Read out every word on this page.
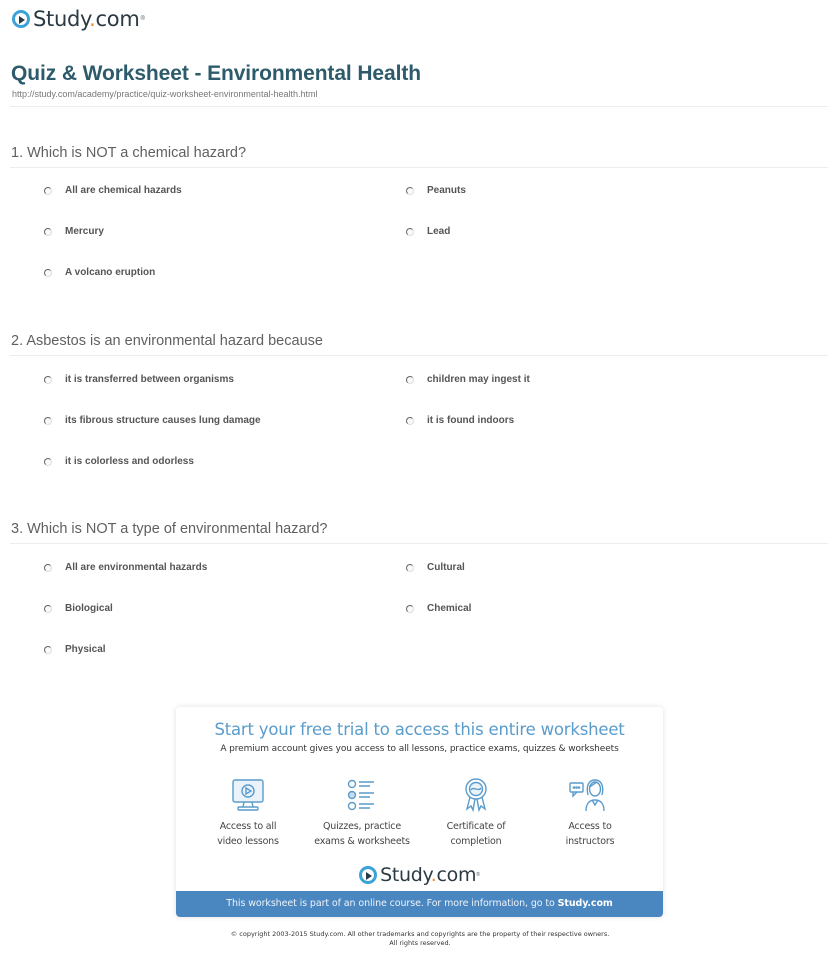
Study.com ®
Quiz & Worksheet - Environmental Health
http://study.com/academy/practice/quiz-worksheet-environmental-health.html
1. Which is NOT a chemical hazard?
All are chemical hazards	Peanuts
Mercury	Lead
A volcano eruption
2. Asbestos is an environmental hazard because
it is transferred between organisms	children may ingest it
its fibrous structure causes lung damage	it is found indoors
it is colorless and odorless
3. Which is NOT a type of environmental hazard?
All are environmental hazards	Cultural
Biological	Chemical
Physical
Start your free trial to access this entire worksheet
A premium account gives you access to all lessons, practice exams, quizzes & worksheets
Access to all
video lessons
Quizzes, practice
exams & worksheets
Certificate of
completion
Access to
instructors
Study.com ®
This worksheet is part of an online course. For more information, go to Study.com
© copyright 2003-2015 Study.com. All other trademarks and copyrights are the property of their respective owners.
All rights reserved.
